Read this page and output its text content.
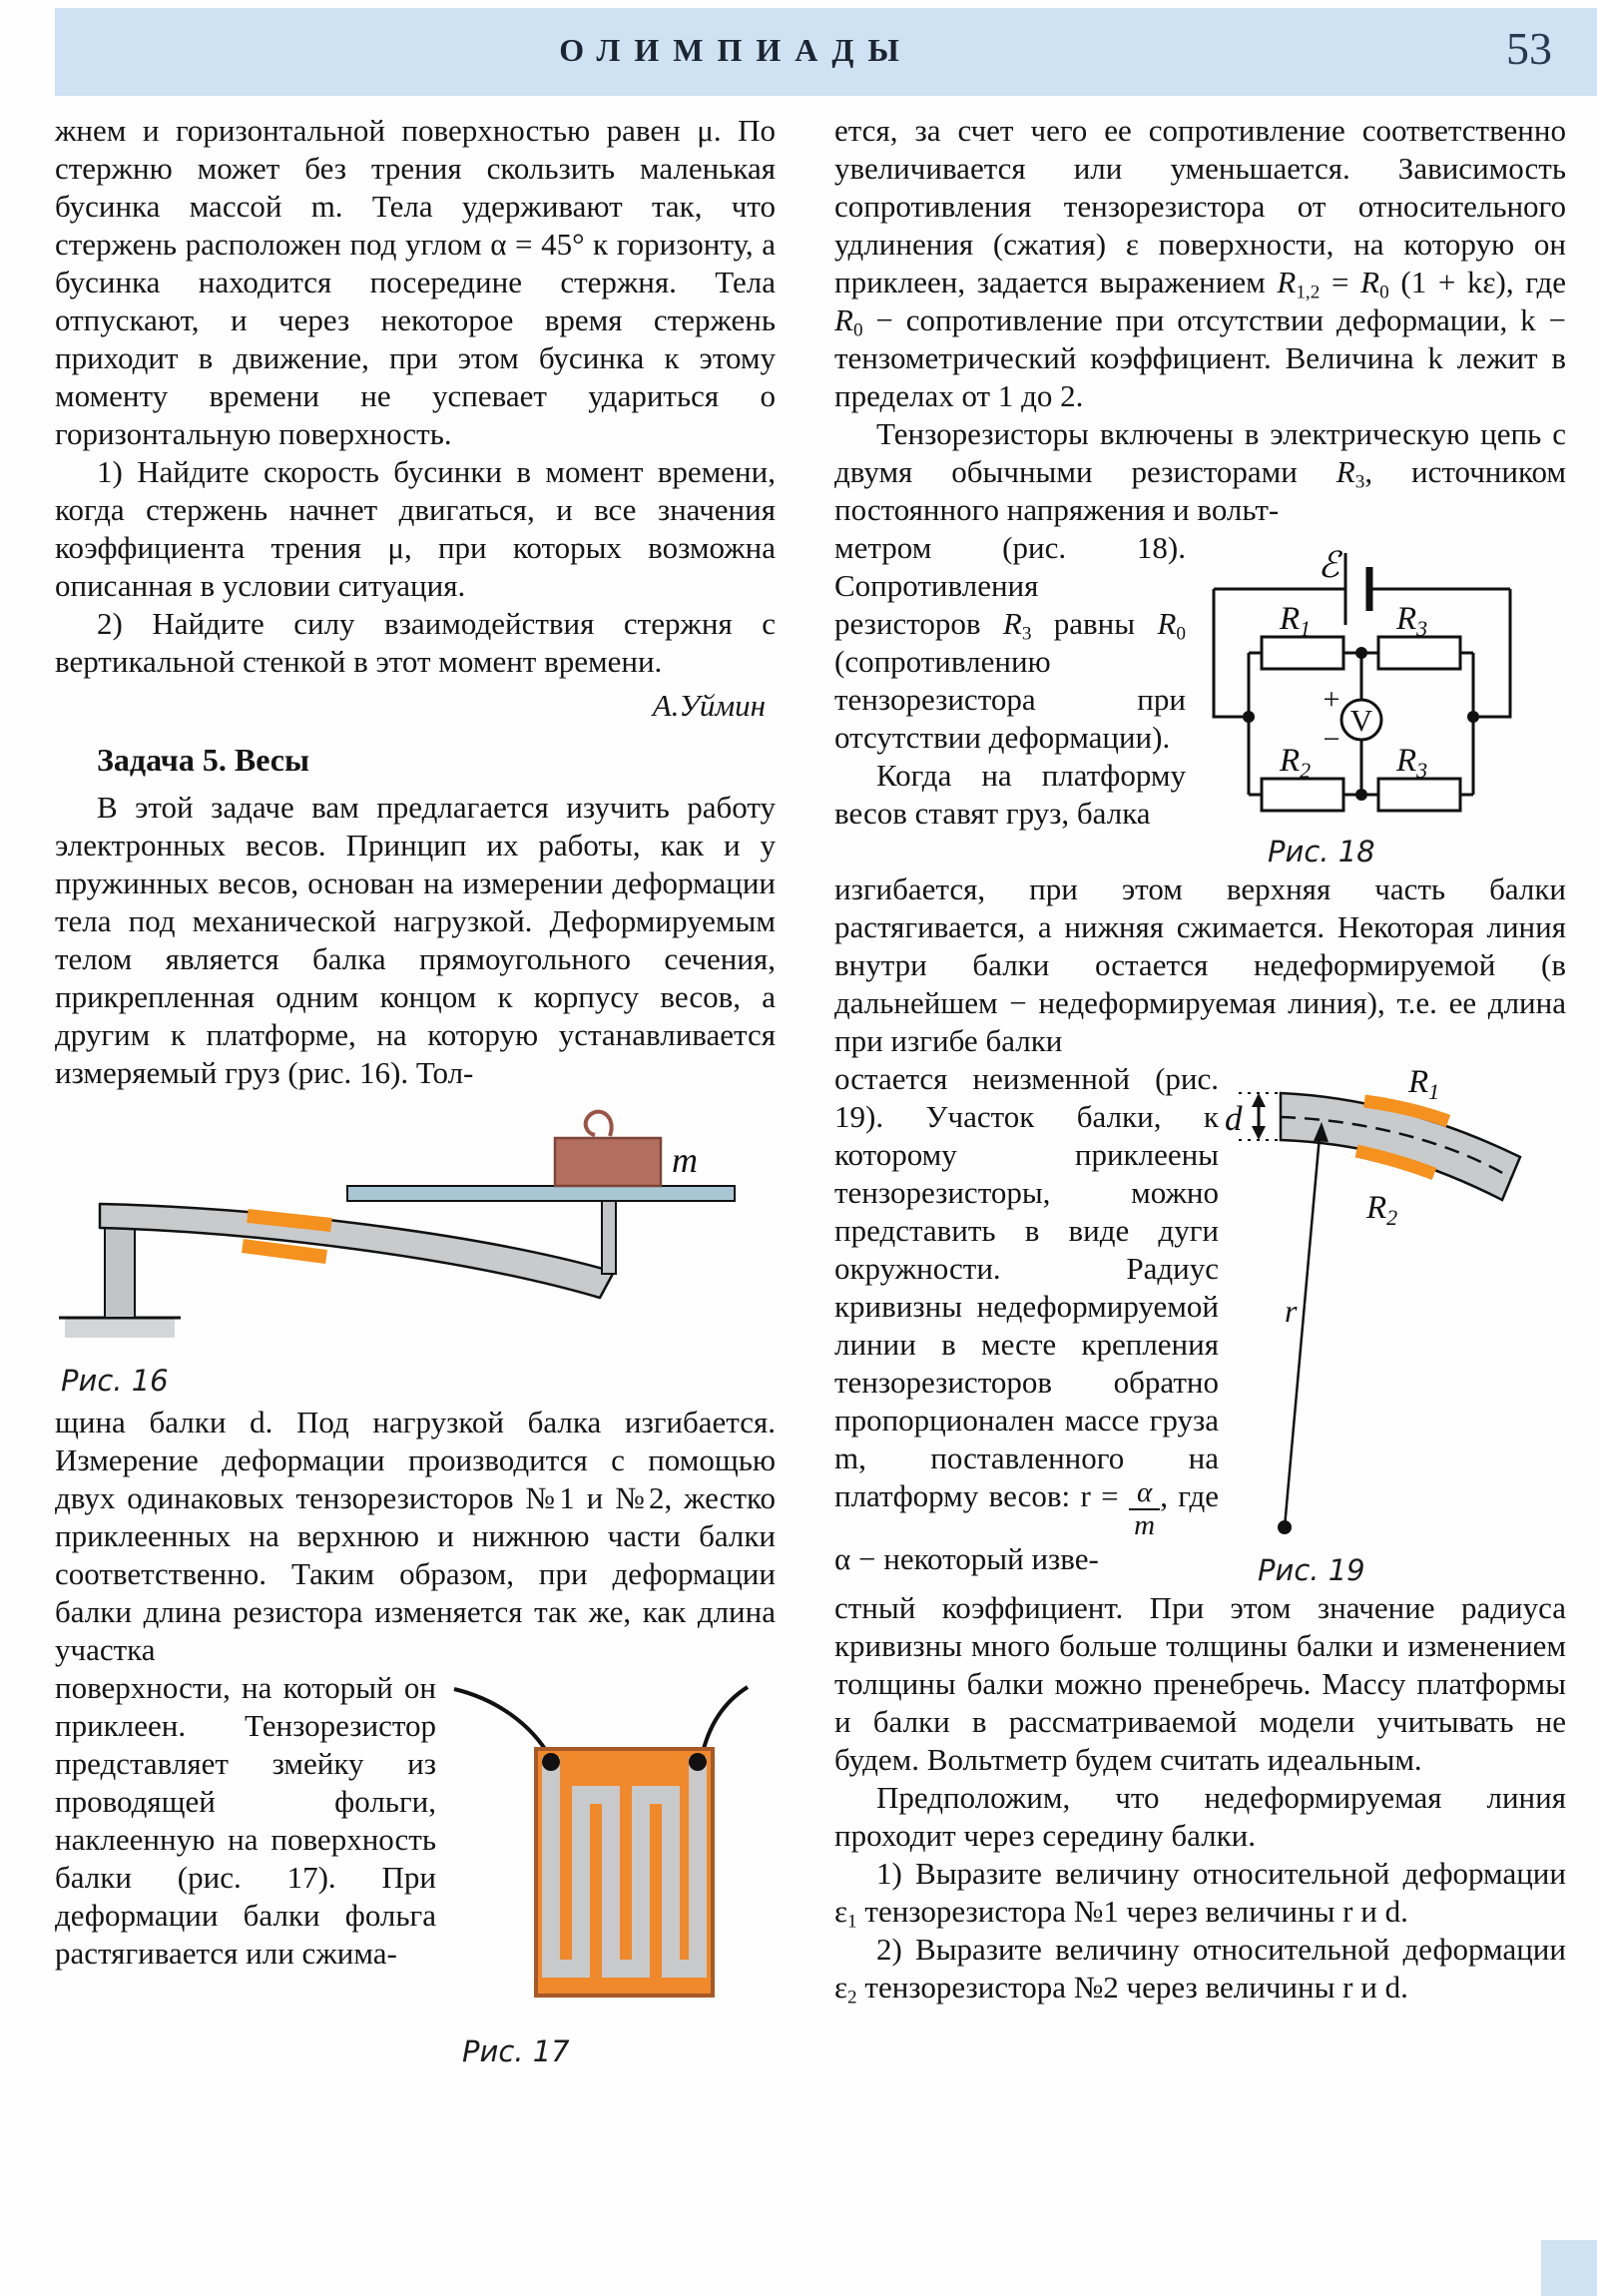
ОЛИМПИАДЫ	53

жнем и горизонтальной поверхностью равен μ. По стержню может без трения скользить маленькая бусинка массой m. Тела удерживают так, что стержень расположен под углом α = 45° к горизонту, а бусинка находится посередине стержня. Тела отпускают, и через некоторое время стержень приходит в движение, при этом бусинка к этому моменту времени не успевает удариться о горизонтальную поверхность.

1) Найдите скорость бусинки в момент времени, когда стержень начнет двигаться, и все значения коэффициента трения μ, при которых возможна описанная в условии ситуация.

2) Найдите силу взаимодействия стержня с вертикальной стенкой в этот момент времени.

А.Уймин

Задача 5. Весы

В этой задаче вам предлагается изучить работу электронных весов. Принцип их работы, как и у пружинных весов, основан на измерении деформации тела под механической нагрузкой. Деформируемым телом является балка прямоугольного сечения, прикрепленная одним концом к корпусу весов, а другим к платформе, на которую устанавливается измеряемый груз (рис. 16). Тол-

m
Рис. 16

щина балки d. Под нагрузкой балка изгибается. Измерение деформации производится с помощью двух одинаковых тензорезисторов №1 и №2, жестко приклеенных на верхнюю и нижнюю части балки соответственно. Таким образом, при деформации балки длина резистора изменяется так же, как длина участка

поверхности, на который он приклеен. Тензорезистор представляет змейку из проводящей фольги, наклеенную на поверхность балки (рис. 17). При деформации балки фольга растягивается или сжима-

Рис. 17

ется, за счет чего ее сопротивление соответственно увеличивается или уменьшается. Зависимость сопротивления тензорезистора от относительного удлинения (сжатия) ε поверхности, на которую он приклеен, задается выражением $R_{1,2} = R_0$ (1 + kε), где $R_0$ − сопротивление при отсутствии деформации, k − тензометрический коэффициент. Величина k лежит в пределах от 1 до 2.

Тензорезисторы включены в электрическую цепь с двумя обычными резисторами $R_3$, источником постоянного напряжения и вольт-

метром (рис. 18). Сопротивления резисторов $R_3$ равны $R_0$ (сопротивлению тензорезистора при отсутствии деформации).

Когда на платформу весов ставят груз, балка

ℰ
V
+
−
$R_1$	$R_3$
$R_2$	$R_3$
Рис. 18

изгибается, при этом верхняя часть балки растягивается, а нижняя сжимается. Некоторая линия внутри балки остается недеформируемой (в дальнейшем − недеформируемая линия), т.е. ее длина при изгибе балки

остается неизменной (рис. 19). Участок балки, к которому приклеены тензорезисторы, можно представить в виде дуги окружности. Радиус кривизны недеформируемой линии в месте крепления тензорезисторов обратно пропорционален массе груза m, поставленного на платформу весов: $r = \frac{\alpha}{m}$ , где α − некоторый изве-

d
$R_1$
$R_2$
r
Рис. 19

стный коэффициент. При этом значение радиуса кривизны много больше толщины балки и изменением толщины балки можно пренебречь. Массу платформы и балки в рассматриваемой модели учитывать не будем. Вольтметр будем считать идеальным.

Предположим, что недеформируемая линия проходит через середину балки.

1) Выразите величину относительной деформации $\varepsilon_1$ тензорезистора №1 через величины r и d.

2) Выразите величину относительной деформации $\varepsilon_2$ тензорезистора №2 через величины r и d.
